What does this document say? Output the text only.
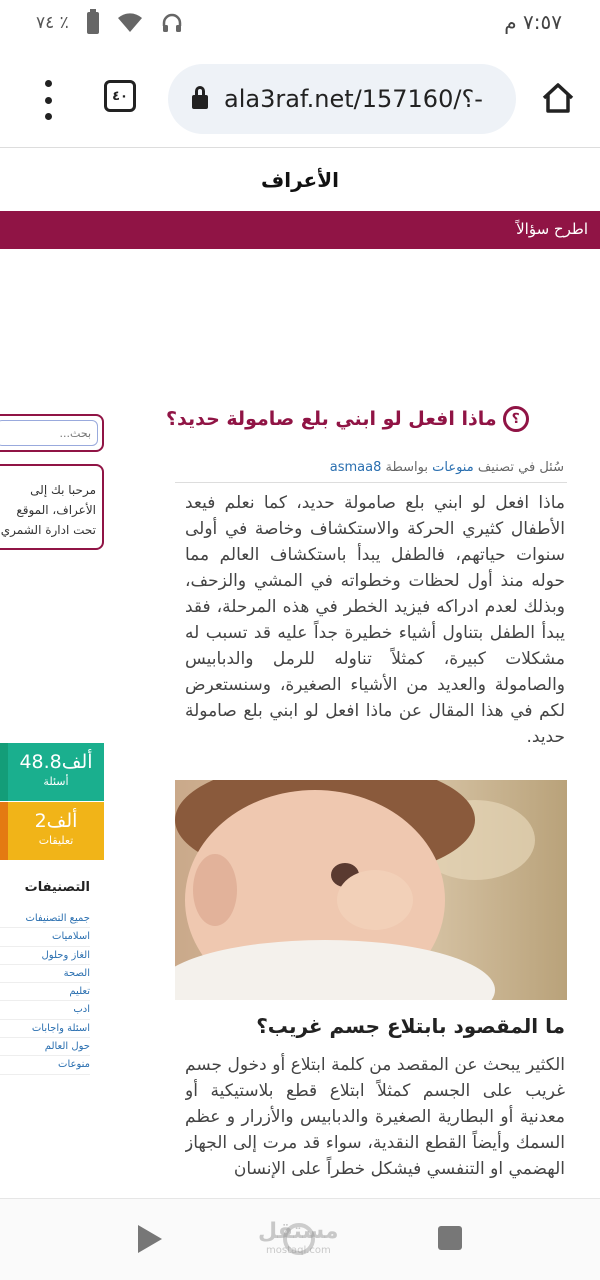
٧٤ ٪	٧:٥٧ م
٤٠	ala3raf.net/157160/؟-
الأعراف
اطرح سؤالاً
؟
ماذا افعل لو ابني بلع صامولة حديد؟
سُئل في تصنيف منوعات بواسطة asmaa8
ماذا افعل لو ابني بلع صامولة حديد، كما نعلم فيعد الأطفال كثيري الحركة والاستكشاف وخاصة في أولى سنوات حياتهم، فالطفل يبدأ باستكشاف العالم مما حوله منذ أول لحظات وخطواته في المشي والزحف، وبذلك لعدم ادراكه فيزيد الخطر في هذه المرحلة، فقد يبدأ الطفل بتناول أشياء خطيرة جداً عليه قد تسبب له مشكلات كبيرة، كمثلاً تناوله للرمل والدبابيس والصامولة والعديد من الأشياء الصغيرة، وسنستعرض لكم في هذا المقال عن ماذا افعل لو ابني بلع صامولة حديد.
ما المقصود بابتلاع جسم غريب؟
الكثير يبحث عن المقصد من كلمة ابتلاع أو دخول جسم غريب على الجسم كمثلاً ابتلاع قطع بلاستيكية أو معدنية أو البطارية الصغيرة والدبابيس والأزرار و عظم السمك وأيضاً القطع النقدية، سواء قد مرت إلى الجهاز الهضمي او التنفسي فيشكل خطراً على الإنسان
بحث...
مرحبا بك إلى الأعراف، الموقع تحت ادارة الشمري
48.8ألف
أسئلة
2ألف
تعليقات
التصنيفات
جميع التصنيفات
اسلاميات
الغاز وحلول
الصحة
تعليم
ادب
اسئلة واجابات
حول العالم
منوعات
مستقل
mostaql.com
